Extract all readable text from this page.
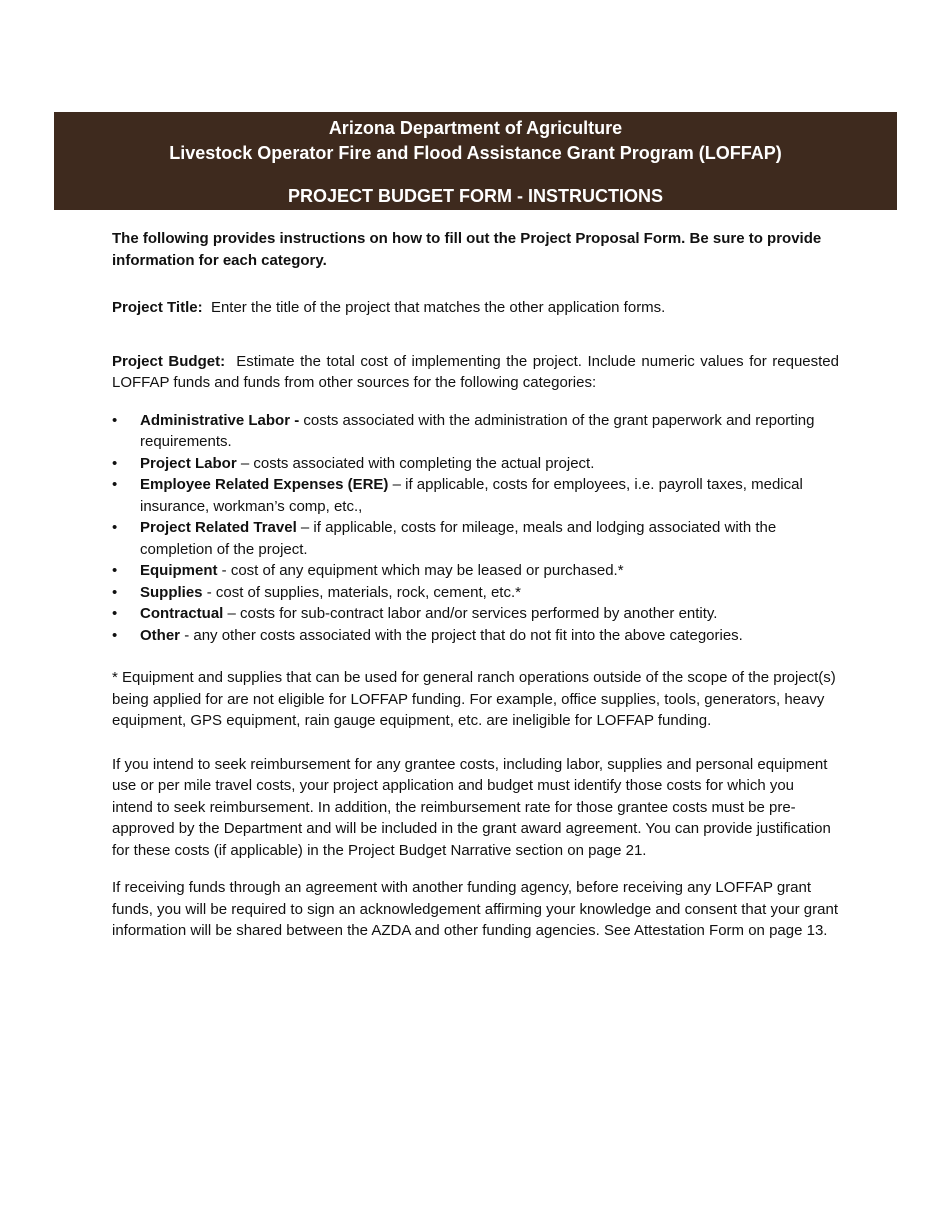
Arizona Department of Agriculture
Livestock Operator Fire and Flood Assistance Grant Program (LOFFAP)
PROJECT BUDGET FORM - INSTRUCTIONS

The following provides instructions on how to fill out the Project Proposal Form. Be sure to provide information for each category.

Project Title: Enter the title of the project that matches the other application forms.

Project Budget: Estimate the total cost of implementing the project. Include numeric values for requested LOFFAP funds and funds from other sources for the following categories:

• Administrative Labor - costs associated with the administration of the grant paperwork and reporting requirements.
• Project Labor – costs associated with completing the actual project.
• Employee Related Expenses (ERE) – if applicable, costs for employees, i.e. payroll taxes, medical insurance, workman’s comp, etc.,
• Project Related Travel – if applicable, costs for mileage, meals and lodging associated with the completion of the project.
• Equipment - cost of any equipment which may be leased or purchased.*
• Supplies - cost of supplies, materials, rock, cement, etc.*
• Contractual – costs for sub-contract labor and/or services performed by another entity.
• Other - any other costs associated with the project that do not fit into the above categories.

* Equipment and supplies that can be used for general ranch operations outside of the scope of the project(s) being applied for are not eligible for LOFFAP funding. For example, office supplies, tools, generators, heavy equipment, GPS equipment, rain gauge equipment, etc. are ineligible for LOFFAP funding.

If you intend to seek reimbursement for any grantee costs, including labor, supplies and personal equipment use or per mile travel costs, your project application and budget must identify those costs for which you intend to seek reimbursement. In addition, the reimbursement rate for those grantee costs must be pre-approved by the Department and will be included in the grant award agreement. You can provide justification for these costs (if applicable) in the Project Budget Narrative section on page 21.

If receiving funds through an agreement with another funding agency, before receiving any LOFFAP grant funds, you will be required to sign an acknowledgement affirming your knowledge and consent that your grant information will be shared between the AZDA and other funding agencies. See Attestation Form on page 13.
